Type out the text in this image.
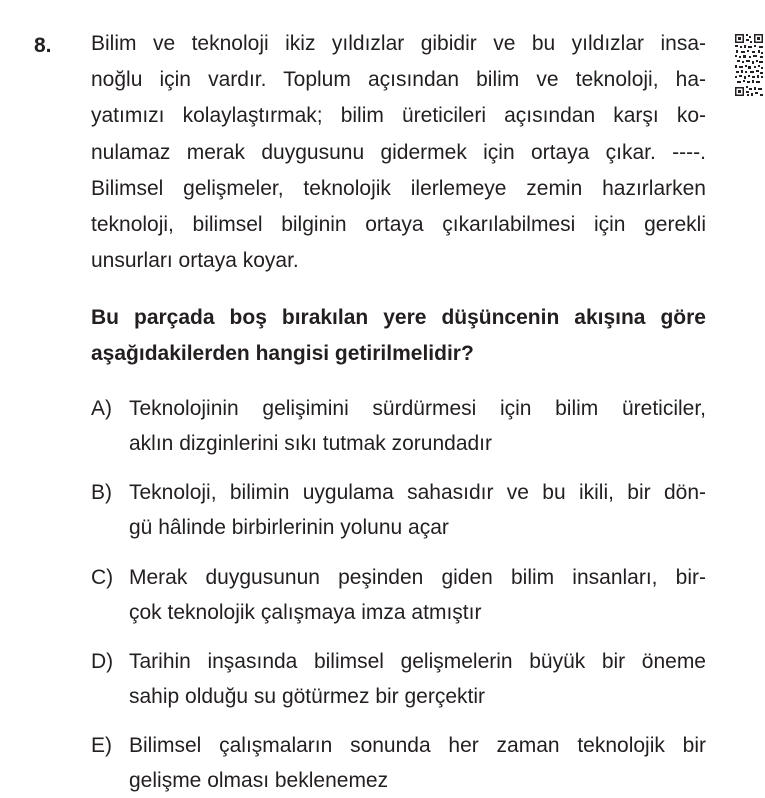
8. Bilim ve teknoloji ikiz yıldızlar gibidir ve bu yıldızlar insa-
noğlu için vardır. Toplum açısından bilim ve teknoloji, ha-
yatımızı kolaylaştırmak; bilim üreticileri açısından karşı ko-
nulamaz merak duygusunu gidermek için ortaya çıkar. ----.
Bilimsel gelişmeler, teknolojik ilerlemeye zemin hazırlarken
teknoloji, bilimsel bilginin ortaya çıkarılabilmesi için gerekli
unsurları ortaya koyar.
Bu parçada boş bırakılan yere düşüncenin akışına göre
aşağıdakilerden hangisi getirilmelidir?
A) Teknolojinin gelişimini sürdürmesi için bilim üreticiler,
aklın dizginlerini sıkı tutmak zorundadır
B) Teknoloji, bilimin uygulama sahasıdır ve bu ikili, bir dön-
gü hâlinde birbirlerinin yolunu açar
C) Merak duygusunun peşinden giden bilim insanları, bir-
çok teknolojik çalışmaya imza atmıştır
D) Tarihin inşasında bilimsel gelişmelerin büyük bir öneme
sahip olduğu su götürmez bir gerçektir
E) Bilimsel çalışmaların sonunda her zaman teknolojik bir
gelişme olması beklenemez
